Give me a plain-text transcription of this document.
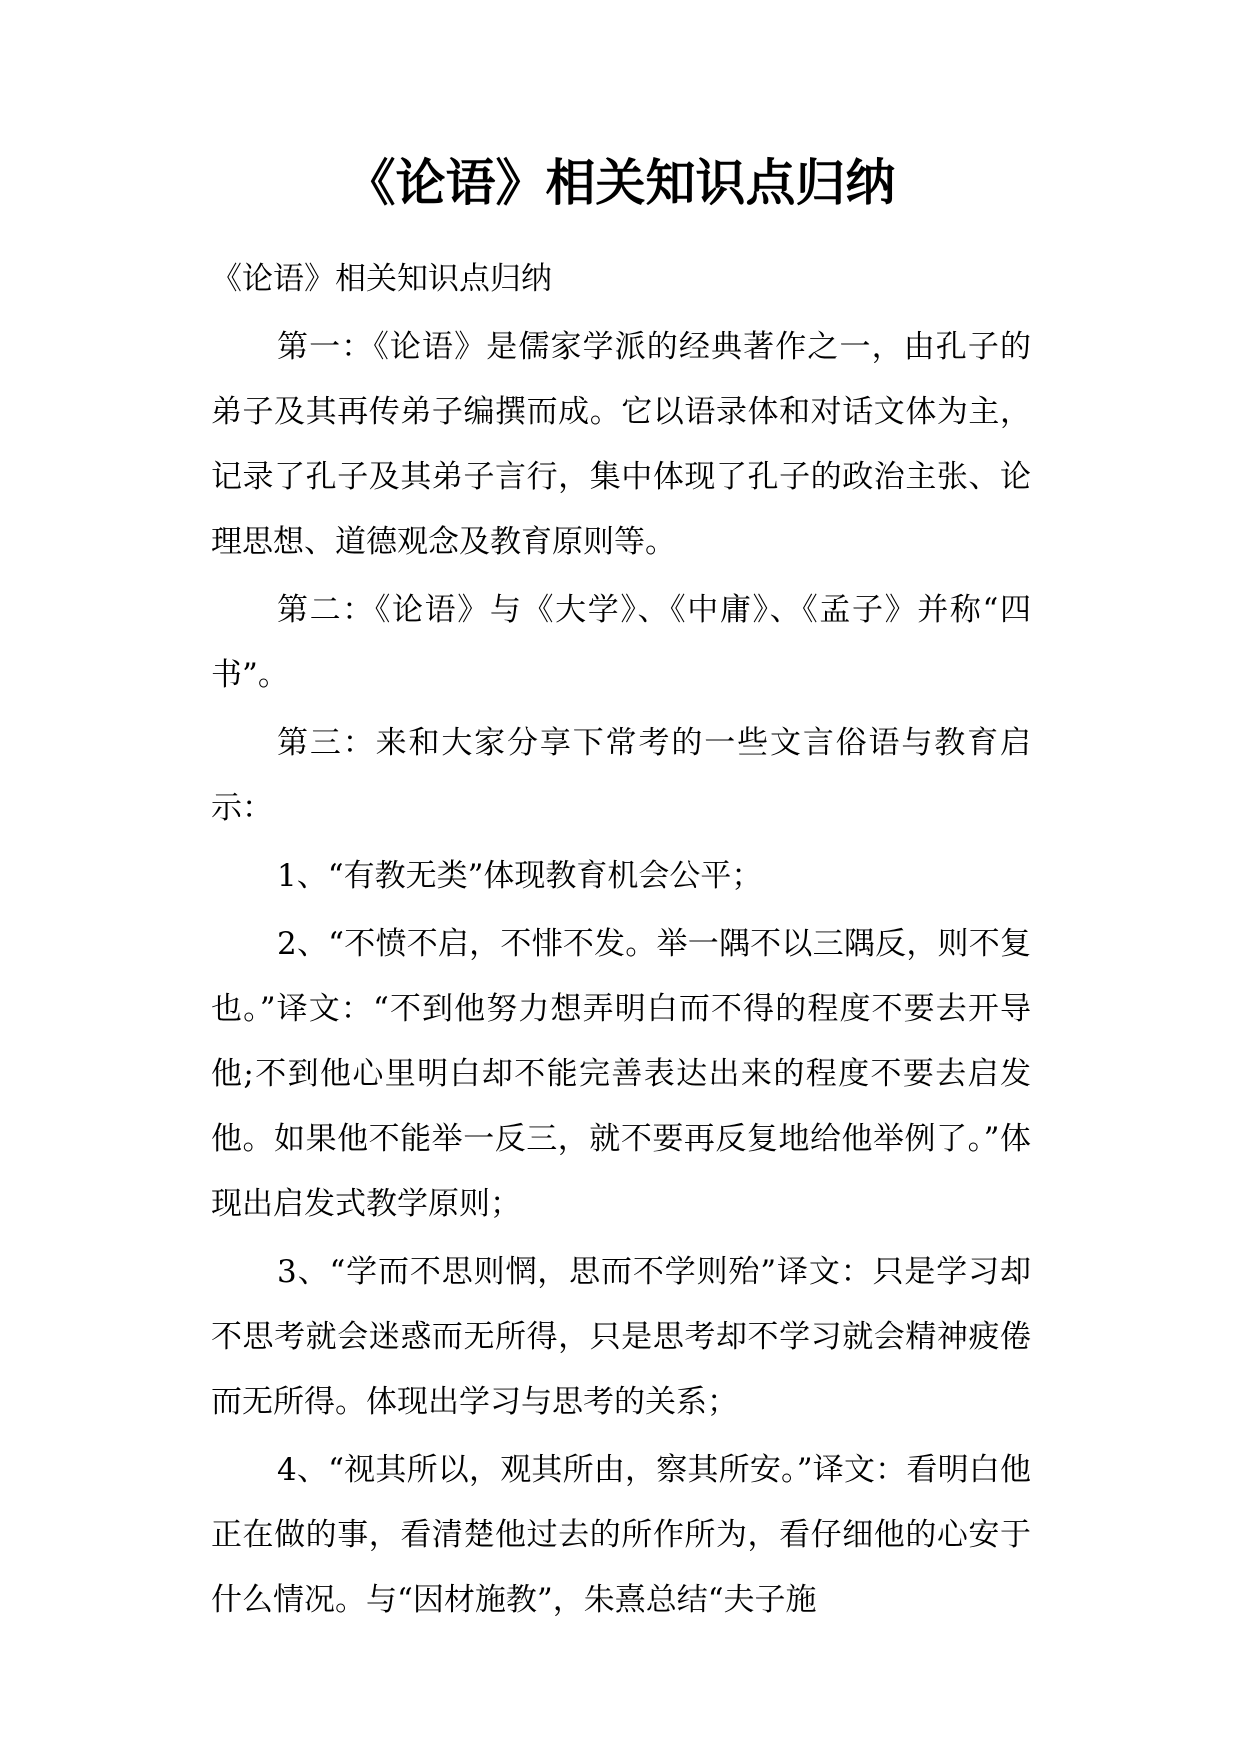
《论语》相关知识点归纳

《论语》相关知识点归纳

第一：《论语》是儒家学派的经典著作之一，由孔子的弟子及其再传弟子编撰而成。它以语录体和对话文体为主，记录了孔子及其弟子言行，集中体现了孔子的政治主张、论理思想、道德观念及教育原则等。

第二：《论语》与《大学》、《中庸》、《孟子》并称“四书”。

第三：来和大家分享下常考的一些文言俗语与教育启示：

1、“有教无类”体现教育机会公平；

2、“不愤不启，不悱不发。举一隅不以三隅反，则不复也。”译文：“不到他努力想弄明白而不得的程度不要去开导他;不到他心里明白却不能完善表达出来的程度不要去启发他。如果他不能举一反三，就不要再反复地给他举例了。”体现出启发式教学原则；

3、“学而不思则惘，思而不学则殆”译文：只是学习却不思考就会迷惑而无所得，只是思考却不学习就会精神疲倦而无所得。体现出学习与思考的关系；

4、“视其所以，观其所由，察其所安。”译文：看明白他正在做的事，看清楚他过去的所作所为，看仔细他的心安于什么情况。与“因材施教”，朱熹总结“夫子施
